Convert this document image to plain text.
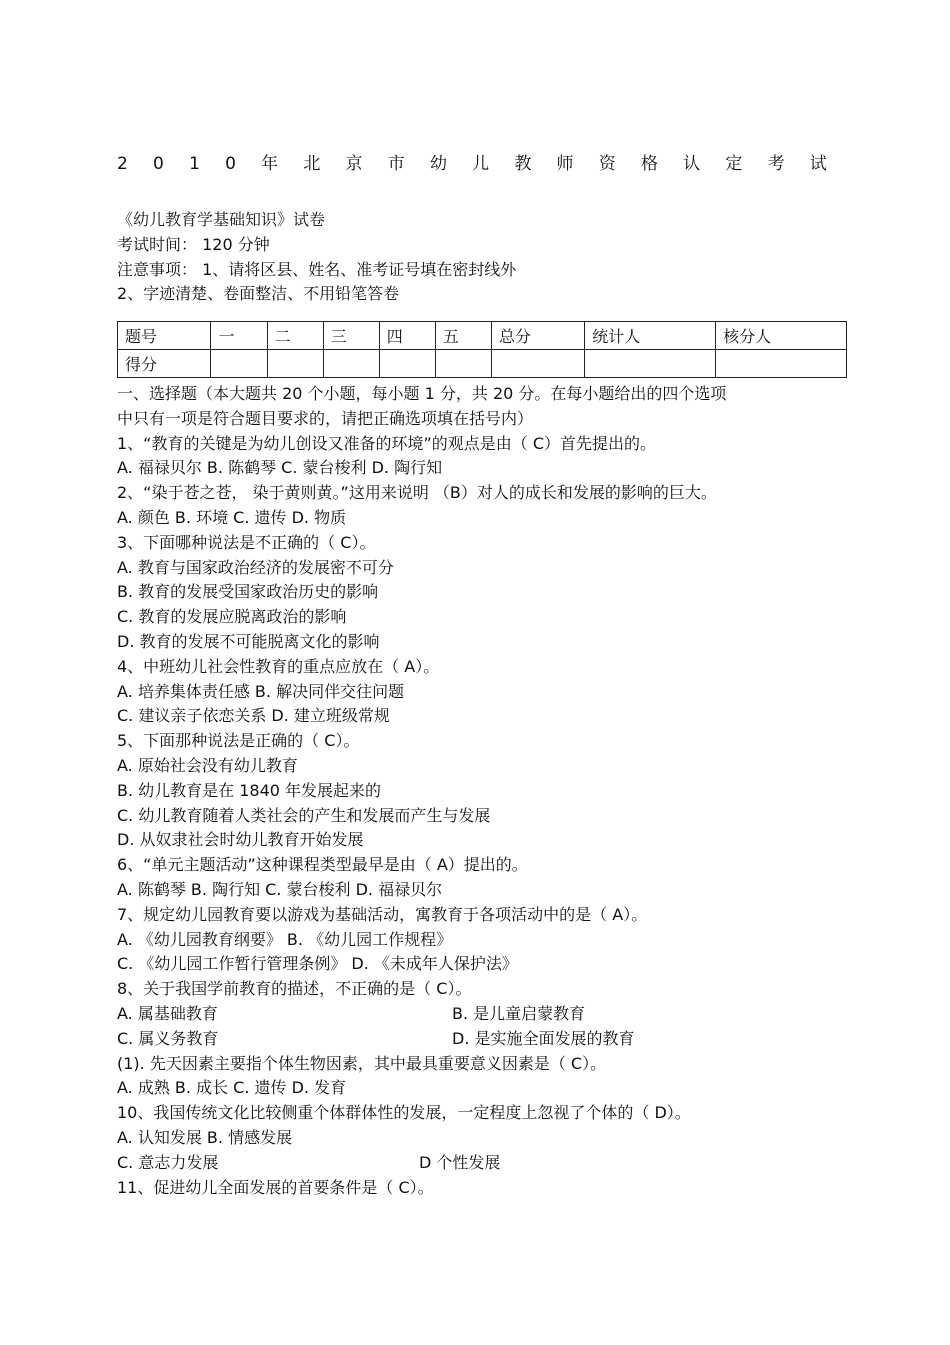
2 0 1 0 年 北 京 市 幼 儿 教 师 资 格 认 定 考 试
《幼儿教育学基础知识》试卷
考试时间： 120 分钟
注意事项： 1、请将区县、姓名、准考证号填在密封线外
2、字迹清楚、卷面整洁、不用铅笔答卷
题号	一	二	三	四	五	总分	统计人	核分人
得分								
一、选择题（本大题共 20 个小题，每小题 1 分，共 20 分。在每小题给出的四个选项
中只有一项是符合题目要求的，请把正确选项填在括号内）
1、“教育的关键是为幼儿创设又准备的环境”的观点是由（ C）首先提出的。
A. 福禄贝尔 B. 陈鹤琴 C. 蒙台梭利 D. 陶行知
2、“染于苍之苍， 染于黄则黄。”这用来说明 （B）对人的成长和发展的影响的巨大。
A. 颜色 B. 环境 C. 遗传 D. 物质
3、下面哪种说法是不正确的（ C）。
A. 教育与国家政治经济的发展密不可分
B. 教育的发展受国家政治历史的影响
C. 教育的发展应脱离政治的影响
D. 教育的发展不可能脱离文化的影响
4、中班幼儿社会性教育的重点应放在（ A）。
A. 培养集体责任感 B. 解决同伴交往问题
C. 建议亲子依恋关系 D. 建立班级常规
5、下面那种说法是正确的（ C）。
A. 原始社会没有幼儿教育
B. 幼儿教育是在 1840 年发展起来的
C. 幼儿教育随着人类社会的产生和发展而产生与发展
D. 从奴隶社会时幼儿教育开始发展
6、“单元主题活动”这种课程类型最早是由（ A）提出的。
A. 陈鹤琴 B. 陶行知 C. 蒙台梭利 D. 福禄贝尔
7、规定幼儿园教育要以游戏为基础活动，寓教育于各项活动中的是（ A）。
A. 《幼儿园教育纲要》 B. 《幼儿园工作规程》
C. 《幼儿园工作暂行管理条例》 D. 《未成年人保护法》
8、关于我国学前教育的描述，不正确的是（ C）。
A. 属基础教育	B. 是儿童启蒙教育
C. 属义务教育	D. 是实施全面发展的教育
(1). 先天因素主要指个体生物因素，其中最具重要意义因素是（ C）。
A. 成熟 B. 成长 C. 遗传 D. 发育
10、我国传统文化比较侧重个体群体性的发展，一定程度上忽视了个体的（ D）。
A. 认知发展 B. 情感发展
C. 意志力发展	D 个性发展
11、促进幼儿全面发展的首要条件是（ C）。
